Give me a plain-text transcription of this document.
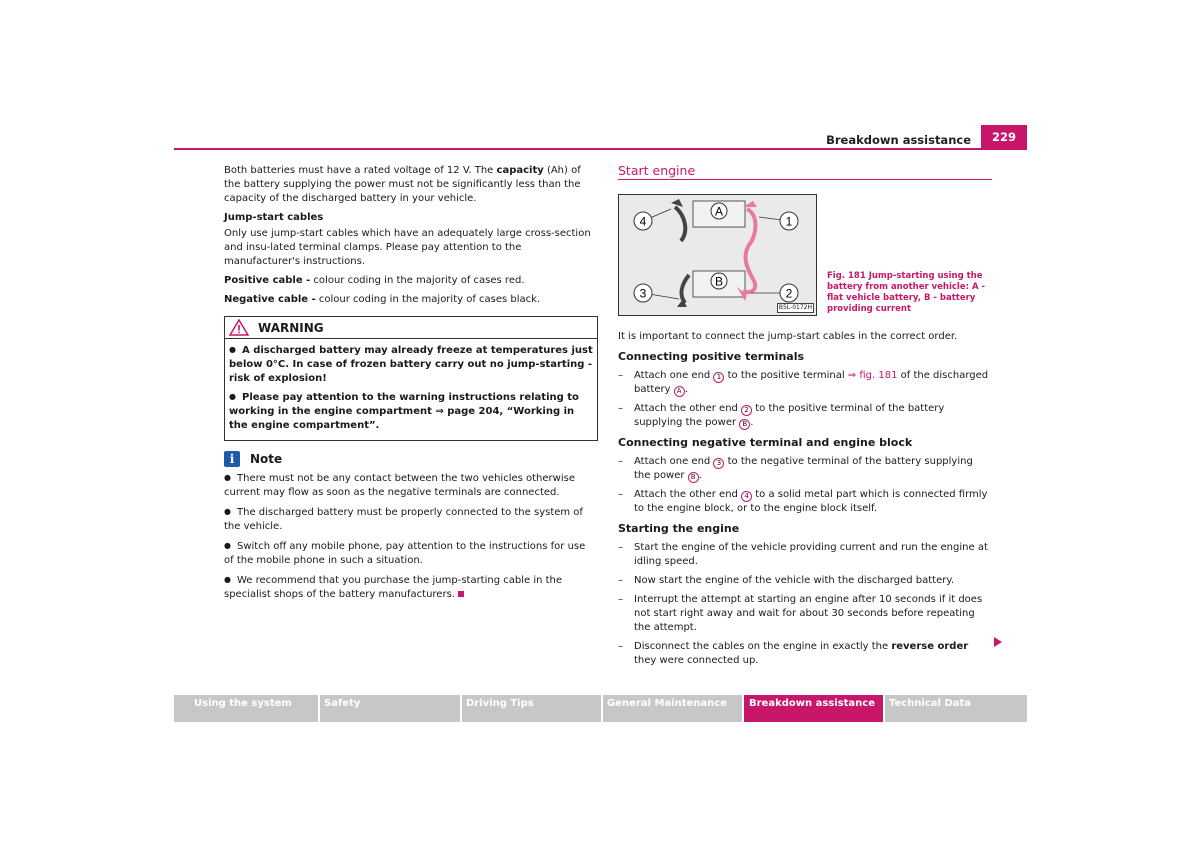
Breakdown assistance	229

Both batteries must have a rated voltage of 12 V. The capacity (Ah) of the battery supplying the power must not be significantly less than the capacity of the discharged battery in your vehicle.

Jump-start cables

Only use jump-start cables which have an adequately large cross-section and insu-lated terminal clamps. Please pay attention to the manufacturer's instructions.

Positive cable - colour coding in the majority of cases red.

Negative cable - colour coding in the majority of cases black.

WARNING

● A discharged battery may already freeze at temperatures just below 0°C. In case of frozen battery carry out no jump-starting - risk of explosion!

● Please pay attention to the warning instructions relating to working in the engine compartment ⇒ page 204, “Working in the engine compartment”.

i	Note

● There must not be any contact between the two vehicles otherwise current may flow as soon as the negative terminals are connected.

● The discharged battery must be properly connected to the system of the vehicle.

● Switch off any mobile phone, pay attention to the instructions for use of the mobile phone in such a situation.

● We recommend that you purchase the jump-starting cable in the specialist shops of the battery manufacturers.

Start engine
A
B
1
2
3
4
B5L-0172H
Fig. 181 Jump-starting using the battery from another vehicle: A - flat vehicle battery, B - battery providing current

It is important to connect the jump-start cables in the correct order.

Connecting positive terminals
–	Attach one end 1 to the positive terminal ⇒ fig. 181 of the discharged battery A .
–	Attach the other end 2 to the positive terminal of the battery supplying the power B .
Connecting negative terminal and engine block
–	Attach one end 3 to the negative terminal of the battery supplying the power B .
–	Attach the other end 4 to a solid metal part which is connected firmly to the engine block, or to the engine block itself.
Starting the engine
–	Start the engine of the vehicle providing current and run the engine at idling speed.
–	Now start the engine of the vehicle with the discharged battery.
–	Interrupt the attempt at starting an engine after 10 seconds if it does not start right away and wait for about 30 seconds before repeating the attempt.
–	Disconnect the cables on the engine in exactly the reverse order they were connected up.
Using the system	Safety	Driving Tips	General Maintenance	Breakdown assistance	Technical Data
